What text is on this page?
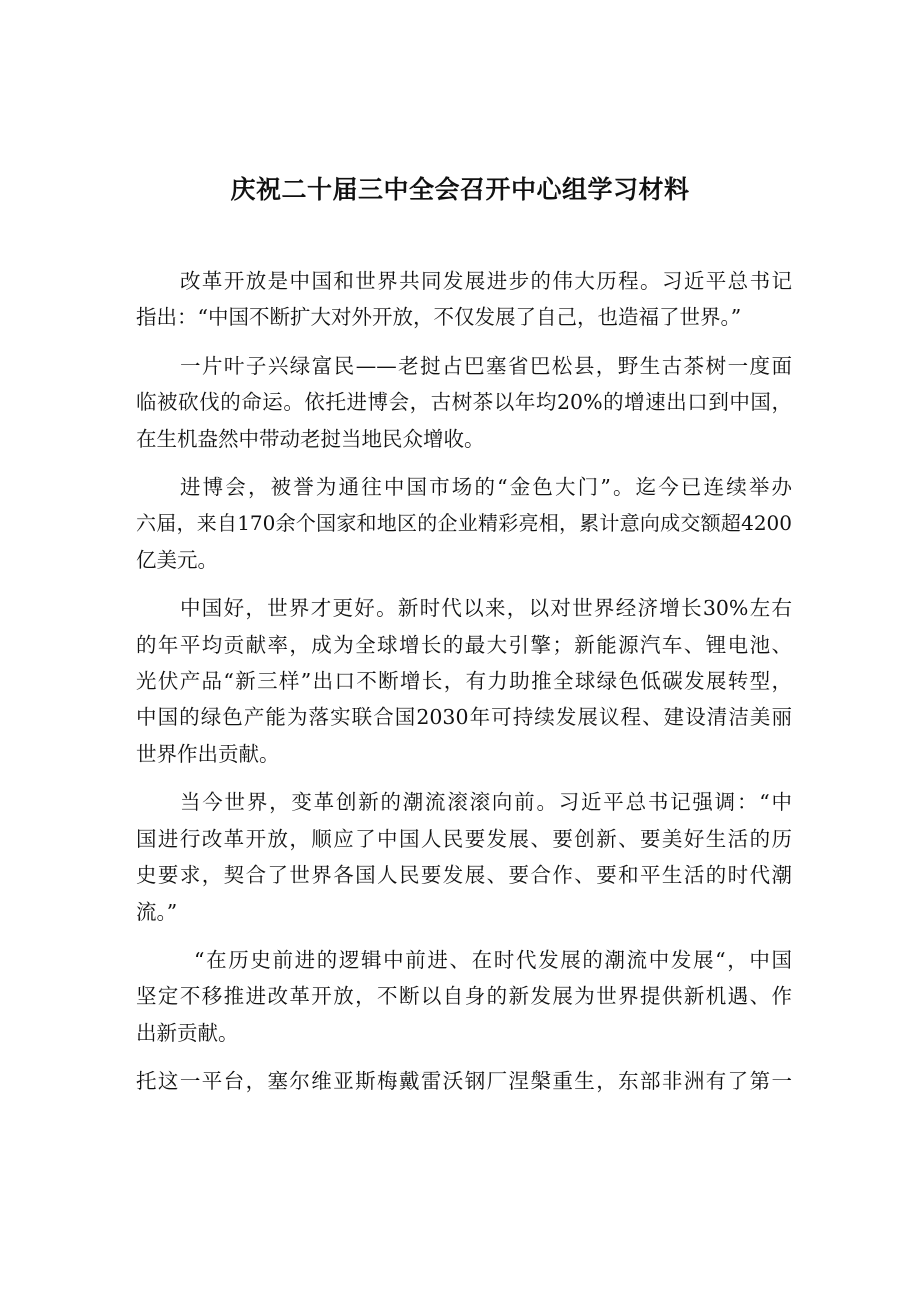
庆祝二十届三中全会召开中心组学习材料

改革开放是中国和世界共同发展进步的伟大历程。习近平总书记
指出：“中国不断扩大对外开放，不仅发展了自己，也造福了世界。”

一片叶子兴绿富民——老挝占巴塞省巴松县，野生古茶树一度面
临被砍伐的命运。依托进博会，古树茶以年均20%的增速出口到中国，
在生机盎然中带动老挝当地民众增收。

进博会，被誉为通往中国市场的“金色大门”。迄今已连续举办
六届，来自170余个国家和地区的企业精彩亮相，累计意向成交额超4200
亿美元。

中国好，世界才更好。新时代以来，以对世界经济增长30%左右
的年平均贡献率，成为全球增长的最大引擎；新能源汽车、锂电池、
光伏产品“新三样”出口不断增长，有力助推全球绿色低碳发展转型，
中国的绿色产能为落实联合国2030年可持续发展议程、建设清洁美丽
世界作出贡献。

当今世界，变革创新的潮流滚滚向前。习近平总书记强调：“中
国进行改革开放，顺应了中国人民要发展、要创新、要美好生活的历
史要求，契合了世界各国人民要发展、要合作、要和平生活的时代潮
流。”

“在历史前进的逻辑中前进、在时代发展的潮流中发展“，中国
坚定不移推进改革开放，不断以自身的新发展为世界提供新机遇、作
出新贡献。

托这一平台，塞尔维亚斯梅戴雷沃钢厂涅槃重生，东部非洲有了第一
